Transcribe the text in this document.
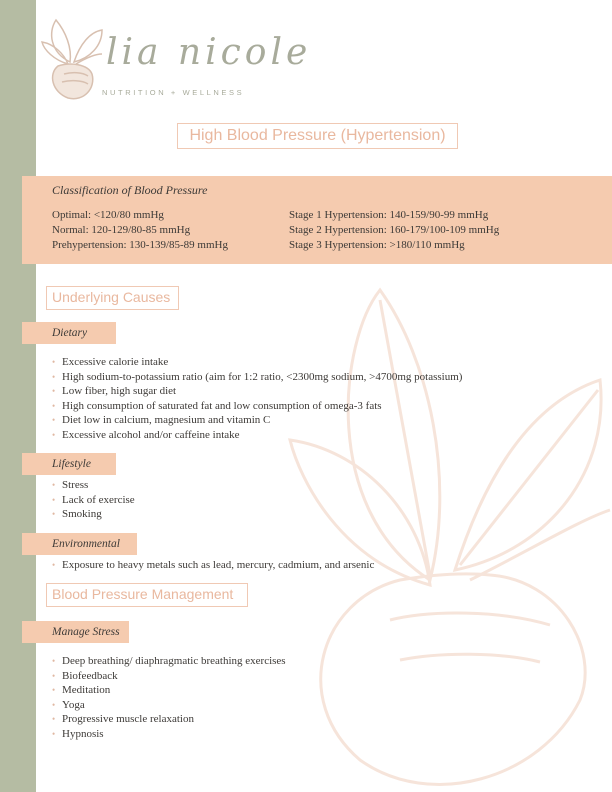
lia nicole
NUTRITION + WELLNESS
High Blood Pressure (Hypertension)
Classification of Blood Pressure
Optimal: <120/80 mmHg
Normal: 120-129/80-85 mmHg
Prehypertension: 130-139/85-89 mmHg
Stage 1 Hypertension: 140-159/90-99 mmHg
Stage 2 Hypertension: 160-179/100-109 mmHg
Stage 3 Hypertension: >180/110 mmHg
Underlying Causes
Dietary
• Excessive calorie intake
• High sodium-to-potassium ratio (aim for 1:2 ratio, <2300mg sodium, >4700mg potassium)
• Low fiber, high sugar diet
• High consumption of saturated fat and low consumption of omega-3 fats
• Diet low in calcium, magnesium and vitamin C
• Excessive alcohol and/or caffeine intake
Lifestyle
• Stress
• Lack of exercise
• Smoking
Environmental
• Exposure to heavy metals such as lead, mercury, cadmium, and arsenic
Blood Pressure Management
Manage Stress
• Deep breathing/ diaphragmatic breathing exercises
• Biofeedback
• Meditation
• Yoga
• Progressive muscle relaxation
• Hypnosis
